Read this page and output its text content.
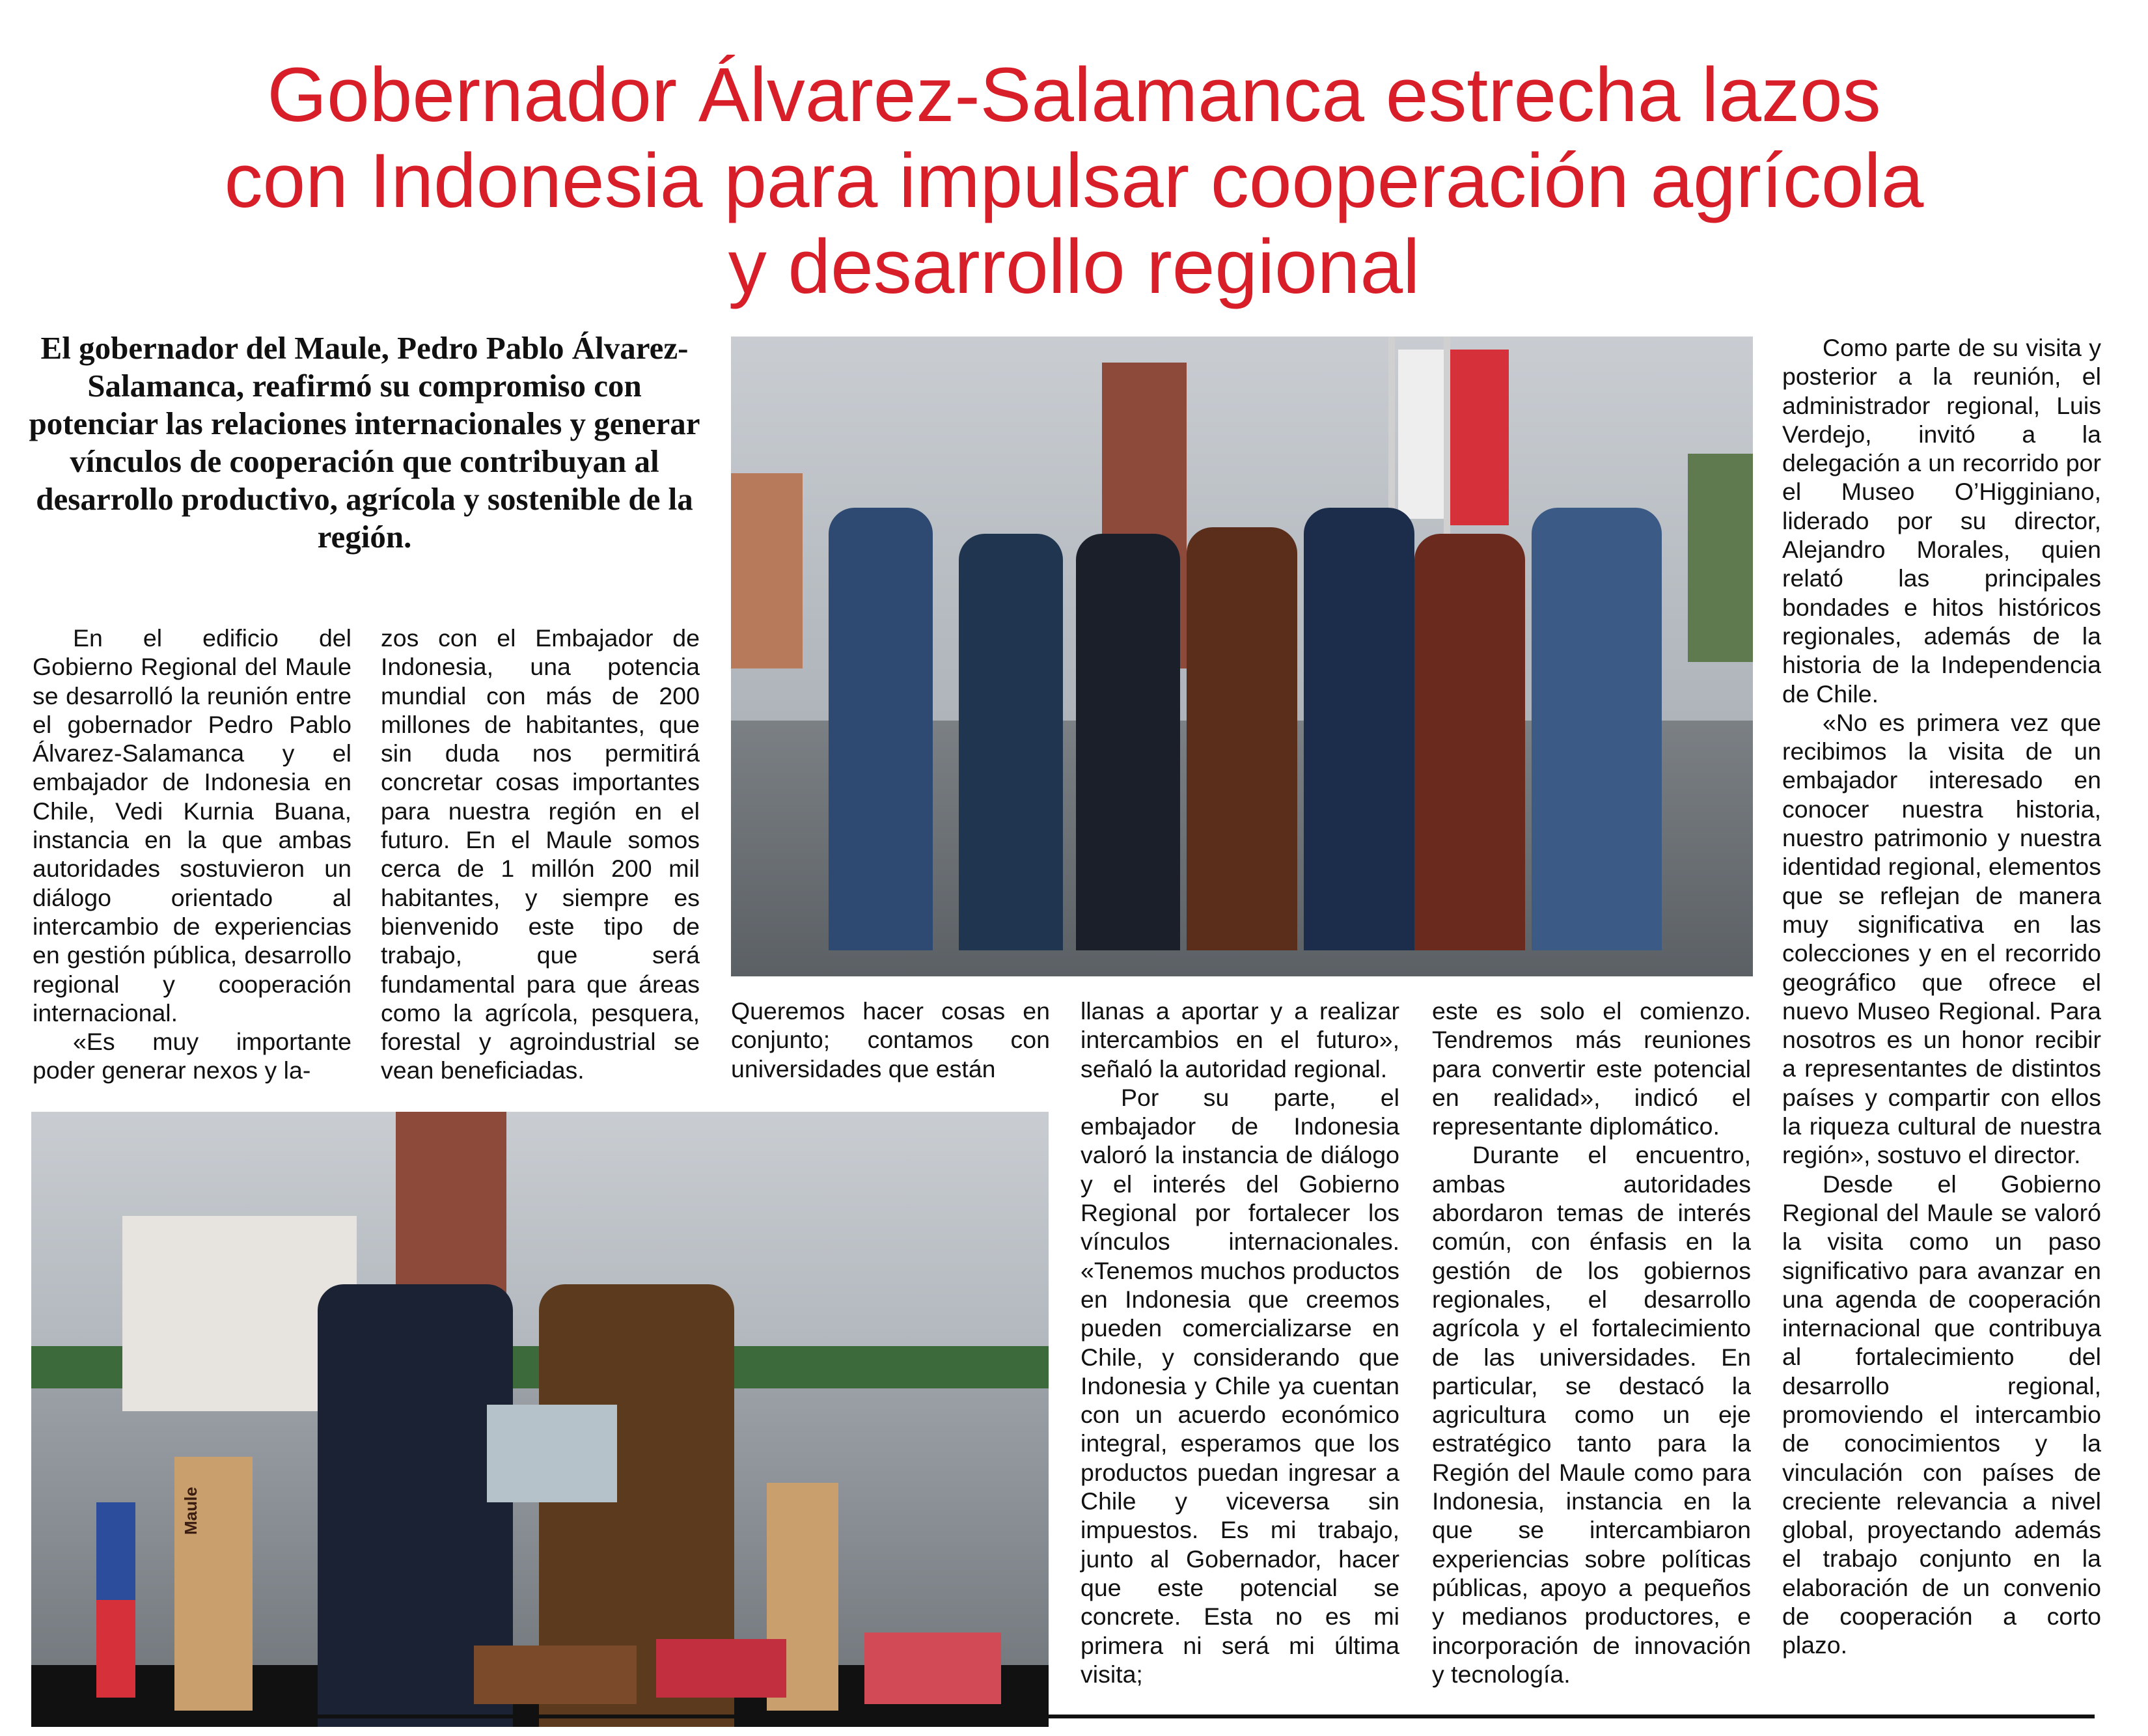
Gobernador Álvarez-Salamanca estrecha lazos
con Indonesia para impulsar cooperación agrícola
y desarrollo regional

El gobernador del Maule, Pedro Pablo Álvarez-Salamanca, reafirmó su compromiso con potenciar las relaciones internacionales y generar vínculos de cooperación que contribuyan al desarrollo productivo, agrícola y sostenible de la región.

Maule

En el edificio del Gobierno Regional del Maule se desarrolló la reunión entre el gobernador Pedro Pablo Álvarez-Salamanca y el embajador de Indonesia en Chile, Vedi Kurnia Buana, instancia en la que ambas autoridades sostuvieron un diálogo orientado al intercambio de experiencias en gestión pública, desarrollo regional y cooperación internacional.

«Es muy importante poder generar nexos y la-

zos con el Embajador de Indonesia, una potencia mundial con más de 200 millones de habitantes, que sin duda nos permitirá concretar cosas importantes para nuestra región en el futuro. En el Maule somos cerca de 1 millón 200 mil habitantes, y siempre es bienvenido este tipo de trabajo, que será fundamental para que áreas como la agrícola, pesquera, forestal y agroindustrial se vean beneficiadas.

Queremos hacer cosas en conjunto; contamos con universidades que están

llanas a aportar y a realizar intercambios en el futuro», señaló la autoridad regional.

Por su parte, el embajador de Indonesia valoró la instancia de diálogo y el interés del Gobierno Regional por fortalecer los vínculos internacionales. «Tenemos muchos productos en Indonesia que creemos pueden comercializarse en Chile, y considerando que Indonesia y Chile ya cuentan con un acuerdo económico integral, esperamos que los productos puedan ingresar a Chile y viceversa sin impuestos. Es mi trabajo, junto al Gobernador, hacer que este potencial se concrete. Esta no es mi primera ni será mi última visita;

este es solo el comienzo. Tendremos más reuniones para convertir este potencial en realidad», indicó el representante diplomático.

Durante el encuentro, ambas autoridades abordaron temas de interés común, con énfasis en la gestión de los gobiernos regionales, el desarrollo agrícola y el fortalecimiento de las universidades. En particular, se destacó la agricultura como un eje estratégico tanto para la Región del Maule como para Indonesia, instancia en la que se intercambiaron experiencias sobre políticas públicas, apoyo a pequeños y medianos productores, e incorporación de innovación y tecnología.

Como parte de su visita y posterior a la reunión, el administrador regional, Luis Verdejo, invitó a la delegación a un recorrido por el Museo O’Higginiano, liderado por su director, Alejandro Morales, quien relató las principales bondades e hitos históricos regionales, además de la historia de la Independencia de Chile.

«No es primera vez que recibimos la visita de un embajador interesado en conocer nuestra historia, nuestro patrimonio y nuestra identidad regional, elementos que se reflejan de manera muy significativa en las colecciones y en el recorrido geográfico que ofrece el nuevo Museo Regional. Para nosotros es un honor recibir a representantes de distintos países y compartir con ellos la riqueza cultural de nuestra región», sostuvo el director.

Desde el Gobierno Regional del Maule se valoró la visita como un paso significativo para avanzar en una agenda de cooperación internacional que contribuya al fortalecimiento del desarrollo regional, promoviendo el intercambio de conocimientos y la vinculación con países de creciente relevancia a nivel global, proyectando además el trabajo conjunto en la elaboración de un convenio de cooperación a corto plazo.
